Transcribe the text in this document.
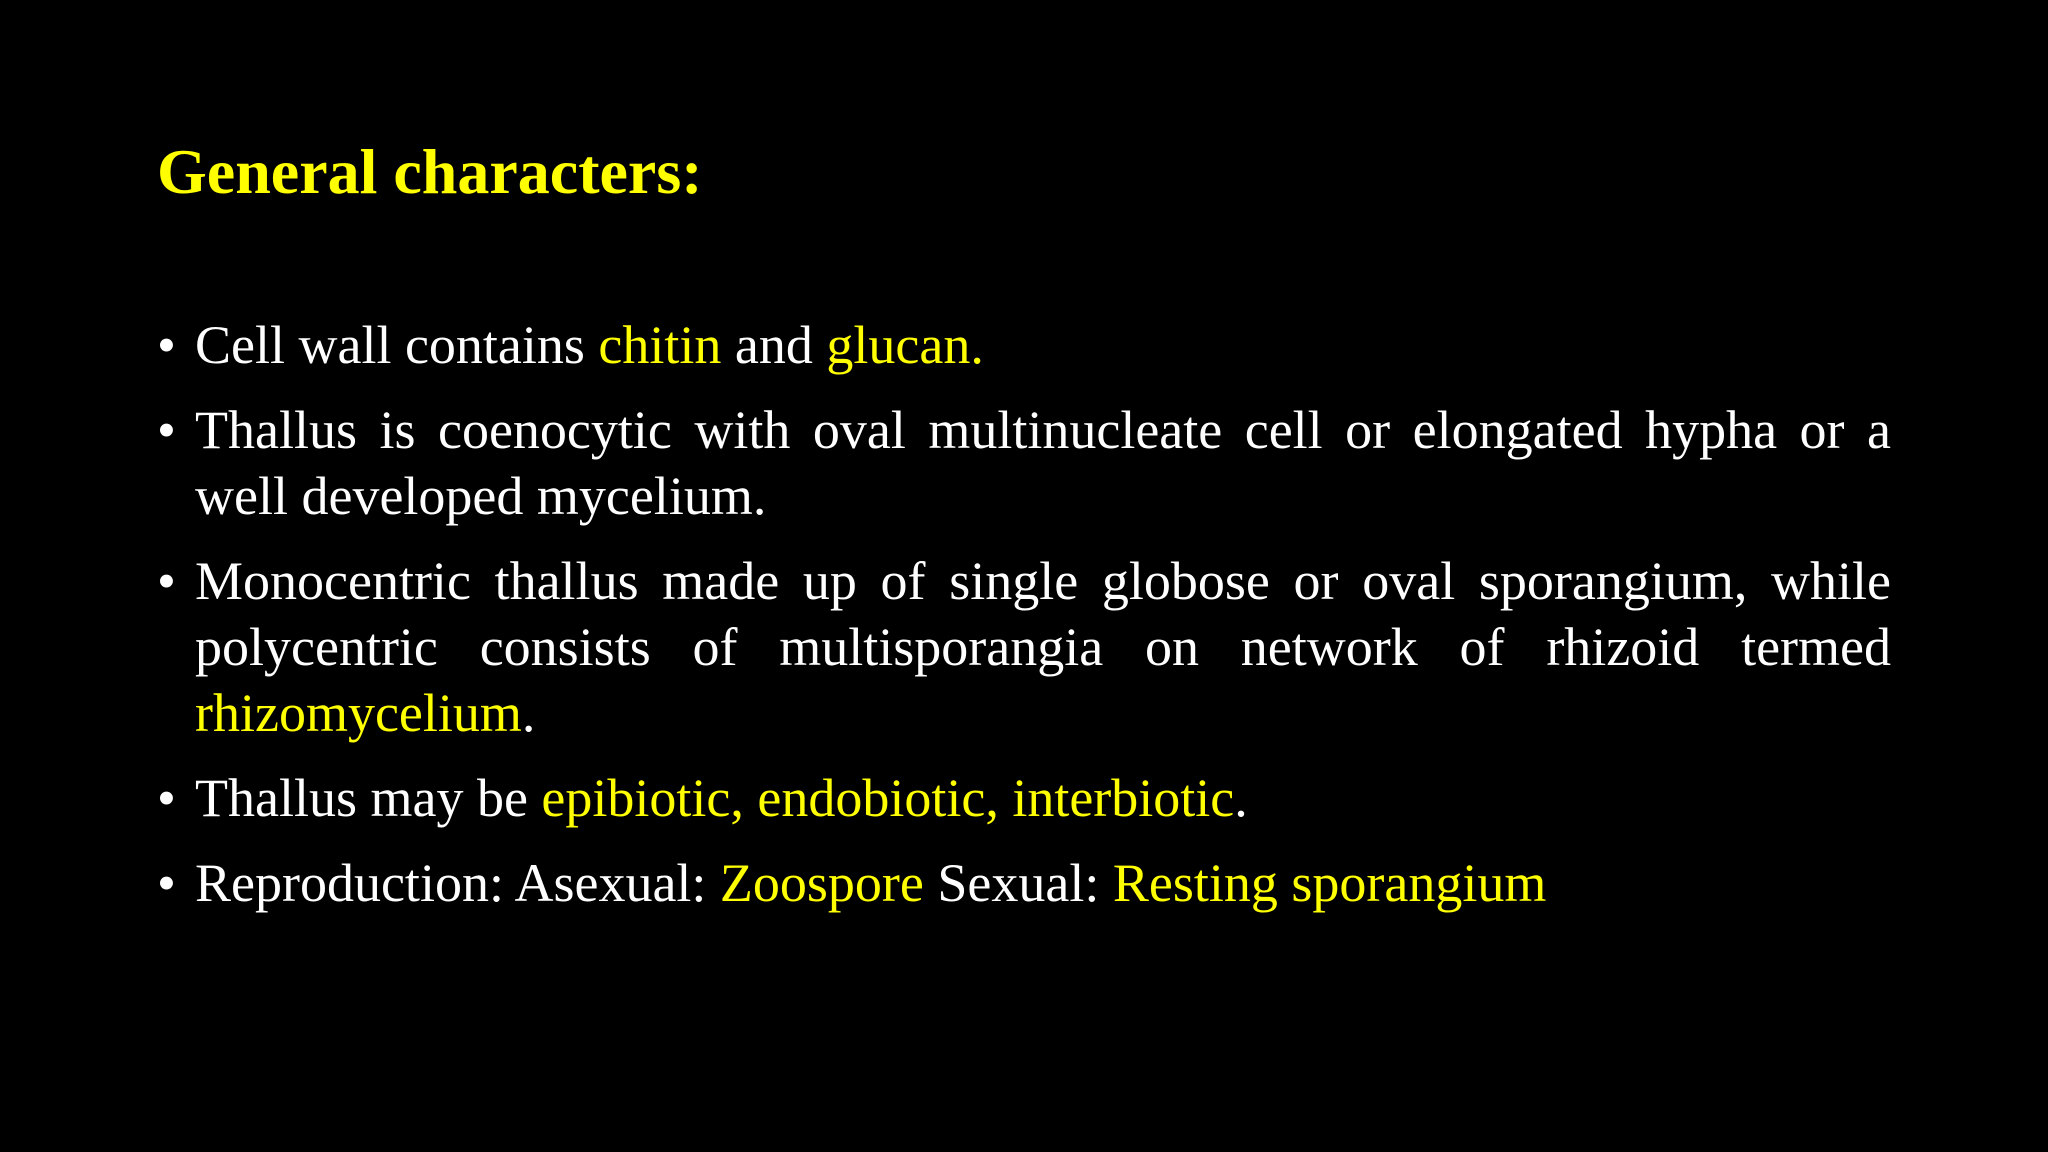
General characters:
• Cell wall contains chitin and glucan.
• Thallus is coenocytic with oval multinucleate cell or elongated hypha or a well developed mycelium.
• Monocentric thallus made up of single globose or oval sporangium, while polycentric consists of multisporangia on network of rhizoid termed rhizomycelium.
• Thallus may be epibiotic, endobiotic, interbiotic.
• Reproduction: Asexual: Zoospore Sexual: Resting sporangium
